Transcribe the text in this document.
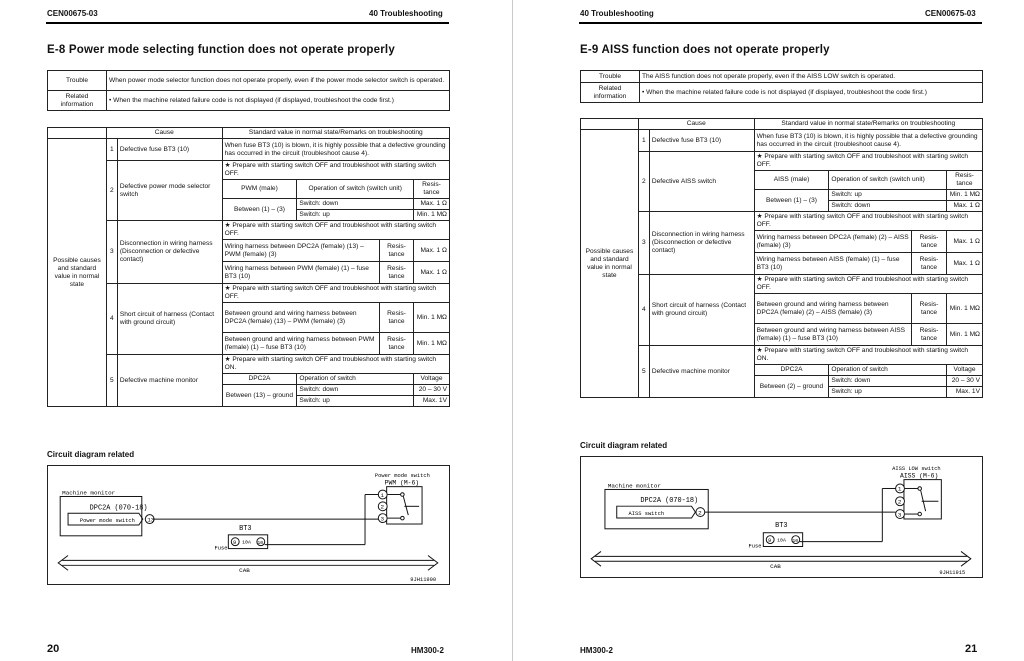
CEN00675-03	40 Troubleshooting
E-8 Power mode selecting function does not operate properly
Trouble	When power mode selector function does not operate properly, even if the power mode selector switch is operated.
Related information	• When the machine related failure code is not displayed (if displayed, troubleshoot the code first.)
	Cause		Standard value in normal state/Remarks on troubleshooting			
Possible causes and standard value in normal state	1	Defective fuse BT3 (10)	When fuse BT3 (10) is blown, it is highly possible that a defective grounding has occurred in the circuit (troubleshoot cause 4).			
	2	Defective power mode selector switch	★ Prepare with starting switch OFF and troubleshoot with starting switch OFF.			
			PWM (male)	Operation of switch (switch unit)		Resis-tance
			Between (1) – (3)	Switch: down		Max. 1 Ω
				Switch: up		Min. 1 MΩ
	3	Disconnection in wiring harness (Disconnection or defective contact)	★ Prepare with starting switch OFF and troubleshoot with starting switch OFF.			
			Wiring harness between DPC2A (female) (13) – PWM (female) (3)		Resis-tance	Max. 1 Ω
			Wiring harness between PWM (female) (1) – fuse BT3 (10)		Resis-tance	Max. 1 Ω
	4	Short circuit of harness (Contact with ground circuit)	★ Prepare with starting switch OFF and troubleshoot with starting switch OFF.			
			Between ground and wiring harness between DPC2A (female) (13) – PWM (female) (3)		Resis-tance	Min. 1 MΩ
			Between ground and wiring harness between PWM (female) (1) – fuse BT3 (10)		Resis-tance	Min. 1 MΩ
	5	Defective machine monitor	★ Prepare with starting switch OFF and troubleshoot with starting switch ON.			
			DPC2A	Operation of switch		Voltage
			Between (13) – ground	Switch: down		20 – 30 V
				Switch: up		Max. 1V
Circuit diagram related
Machine monitor
DPC2A (070-18)
Power mode switch 13
Power mode switch
PWM (M-6)
1
2
3
BT3
Fuse
9 10A 10
CAB
9JH11900
20	HM300-2
40 Troubleshooting	CEN00675-03
E-9 AISS function does not operate properly
Trouble	The AISS function does not operate properly, even if the AISS LOW switch is operated.
Related information	• When the machine related failure code is not displayed (if displayed, troubleshoot the code first.)
	Cause		Standard value in normal state/Remarks on troubleshooting			
Possible causes and standard value in normal state	1	Defective fuse BT3 (10)	When fuse BT3 (10) is blown, it is highly possible that a defective grounding has occurred in the circuit (troubleshoot cause 4).			
	2	Defective AISS switch	★ Prepare with starting switch OFF and troubleshoot with starting switch OFF.			
			AISS (male)	Operation of switch (switch unit)		Resis-tance
			Between (1) – (3)	Switch: up		Min. 1 MΩ
				Switch: down		Max. 1 Ω
	3	Disconnection in wiring harness (Disconnection or defective contact)	★ Prepare with starting switch OFF and troubleshoot with starting switch OFF.			
			Wiring harness between DPC2A (female) (2) – AISS (female) (3)		Resis-tance	Max. 1 Ω
			Wiring harness between AISS (female) (1) – fuse BT3 (10)		Resis-tance	Max. 1 Ω
	4	Short circuit of harness (Contact with ground circuit)	★ Prepare with starting switch OFF and troubleshoot with starting switch OFF.			
			Between ground and wiring harness between DPC2A (female) (2) – AISS (female) (3)		Resis-tance	Min. 1 MΩ
			Between ground and wiring harness between AISS (female) (1) – fuse BT3 (10)		Resis-tance	Min. 1 MΩ
	5	Defective machine monitor	★ Prepare with starting switch OFF and troubleshoot with starting switch ON.			
			DPC2A	Operation of switch		Voltage
			Between (2) – ground	Switch: down		20 – 30 V
				Switch: up		Max. 1V
Circuit diagram related
Machine monitor
DPC2A (070-18)
AISS switch	2
AISS LOW switch
AISS (M-6)
1
2
3
BT3
Fuse
9 10A 10
CAB
9JH11915
HM300-2	21
